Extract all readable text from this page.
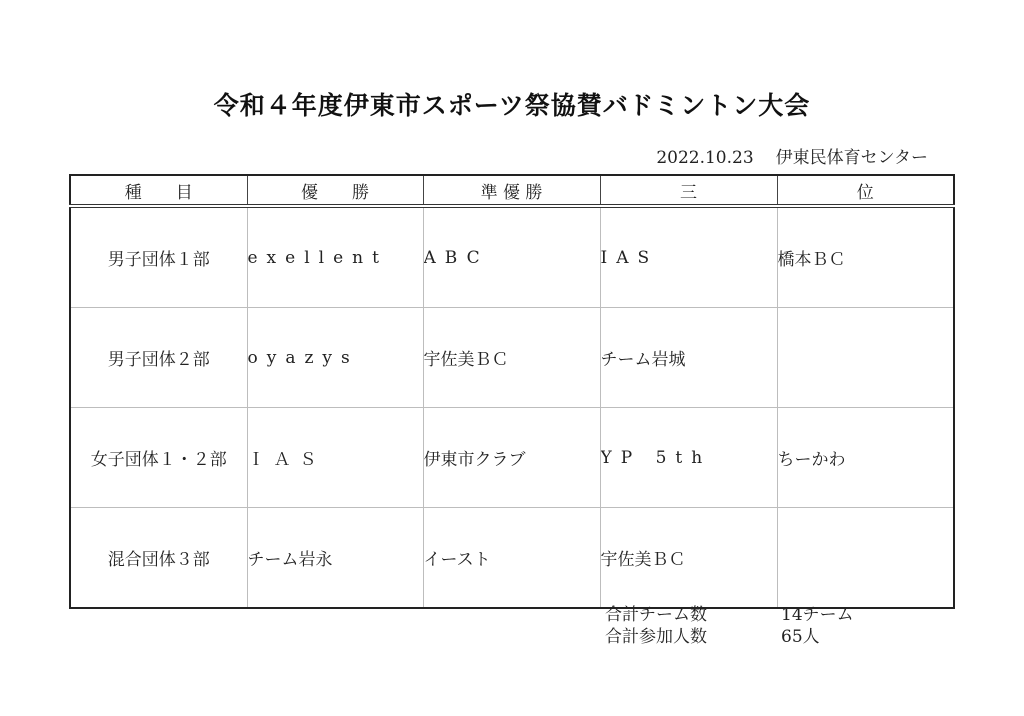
令和４年度伊東市スポーツ祭協賛バドミントン大会
2022.10.23 伊東民体育センター
種　　目	優　　勝	準 優 勝	三	位
男子団体１部	exellent	ABC	IAS	橋本ＢＣ
男子団体２部	oyazys	宇佐美ＢＣ	チーム岩城	
女子団体１・２部	ＩＡＳ	伊東市クラブ	YP 5th	ちーかわ
混合団体３部	チーム岩永	イースト	宇佐美ＢＣ	
合計チーム数	14チーム
合計参加人数	65人
